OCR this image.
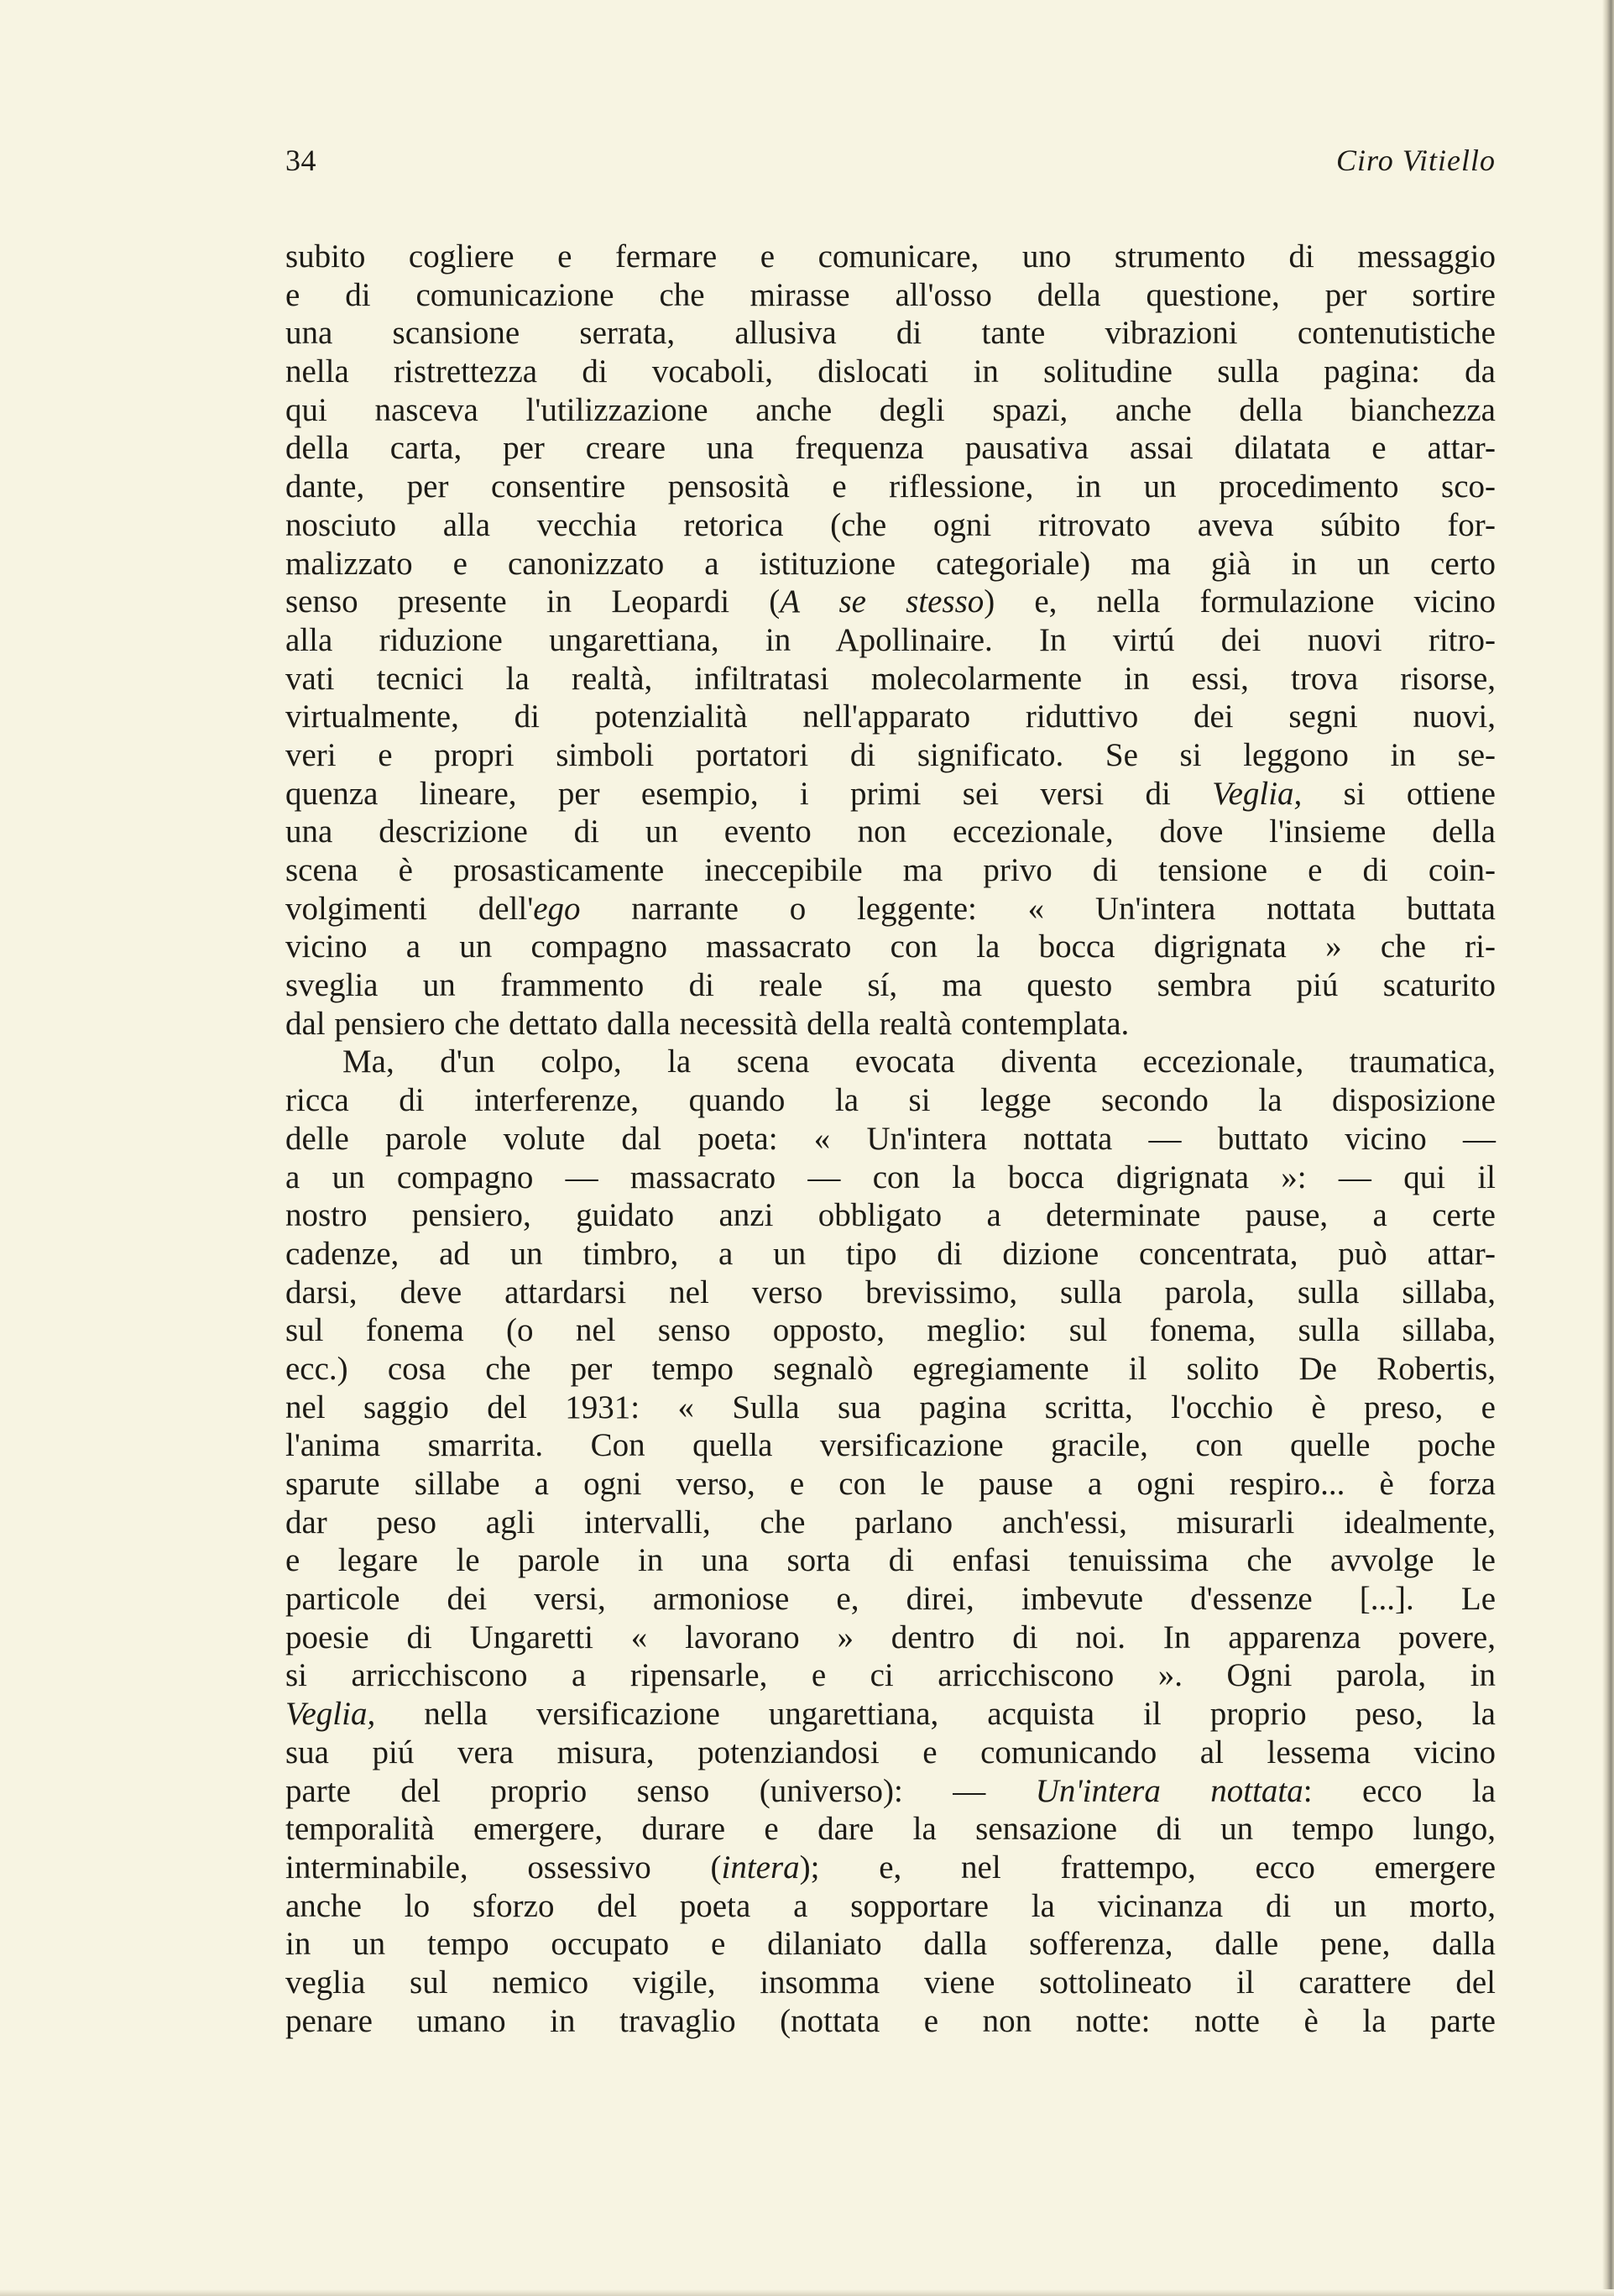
34	Ciro Vitiello
subito cogliere e fermare e comunicare, uno strumento di messaggio
e di comunicazione che mirasse all'osso della questione, per sortire
una scansione serrata, allusiva di tante vibrazioni contenutistiche
nella ristrettezza di vocaboli, dislocati in solitudine sulla pagina: da
qui nasceva l'utilizzazione anche degli spazi, anche della bianchezza
della carta, per creare una frequenza pausativa assai dilatata e attar-
dante, per consentire pensosità e riflessione, in un procedimento sco-
nosciuto alla vecchia retorica (che ogni ritrovato aveva súbito for-
malizzato e canonizzato a istituzione categoriale) ma già in un certo
senso presente in Leopardi (A se stesso) e, nella formulazione vicino
alla riduzione ungarettiana, in Apollinaire. In virtú dei nuovi ritro-
vati tecnici la realtà, infiltratasi molecolarmente in essi, trova risorse,
virtualmente, di potenzialità nell'apparato riduttivo dei segni nuovi,
veri e propri simboli portatori di significato. Se si leggono in se-
quenza lineare, per esempio, i primi sei versi di Veglia, si ottiene
una descrizione di un evento non eccezionale, dove l'insieme della
scena è prosasticamente ineccepibile ma privo di tensione e di coin-
volgimenti dell'ego narrante o leggente: « Un'intera nottata buttata
vicino a un compagno massacrato con la bocca digrignata » che ri-
sveglia un frammento di reale sí, ma questo sembra piú scaturito
dal pensiero che dettato dalla necessità della realtà contemplata.
Ma, d'un colpo, la scena evocata diventa eccezionale, traumatica,
ricca di interferenze, quando la si legge secondo la disposizione
delle parole volute dal poeta: « Un'intera nottata — buttato vicino —
a un compagno — massacrato — con la bocca digrignata »: — qui il
nostro pensiero, guidato anzi obbligato a determinate pause, a certe
cadenze, ad un timbro, a un tipo di dizione concentrata, può attar-
darsi, deve attardarsi nel verso brevissimo, sulla parola, sulla sillaba,
sul fonema (o nel senso opposto, meglio: sul fonema, sulla sillaba,
ecc.) cosa che per tempo segnalò egregiamente il solito De Robertis,
nel saggio del 1931: « Sulla sua pagina scritta, l'occhio è preso, e
l'anima smarrita. Con quella versificazione gracile, con quelle poche
sparute sillabe a ogni verso, e con le pause a ogni respiro... è forza
dar peso agli intervalli, che parlano anch'essi, misurarli idealmente,
e legare le parole in una sorta di enfasi tenuissima che avvolge le
particole dei versi, armoniose e, direi, imbevute d'essenze [...]. Le
poesie di Ungaretti « lavorano » dentro di noi. In apparenza povere,
si arricchiscono a ripensarle, e ci arricchiscono ». Ogni parola, in
Veglia, nella versificazione ungarettiana, acquista il proprio peso, la
sua piú vera misura, potenziandosi e comunicando al lessema vicino
parte del proprio senso (universo): — Un'intera nottata: ecco la
temporalità emergere, durare e dare la sensazione di un tempo lungo,
interminabile, ossessivo (intera); e, nel frattempo, ecco emergere
anche lo sforzo del poeta a sopportare la vicinanza di un morto,
in un tempo occupato e dilaniato dalla sofferenza, dalle pene, dalla
veglia sul nemico vigile, insomma viene sottolineato il carattere del
penare umano in travaglio (nottata e non notte: notte è la parte
